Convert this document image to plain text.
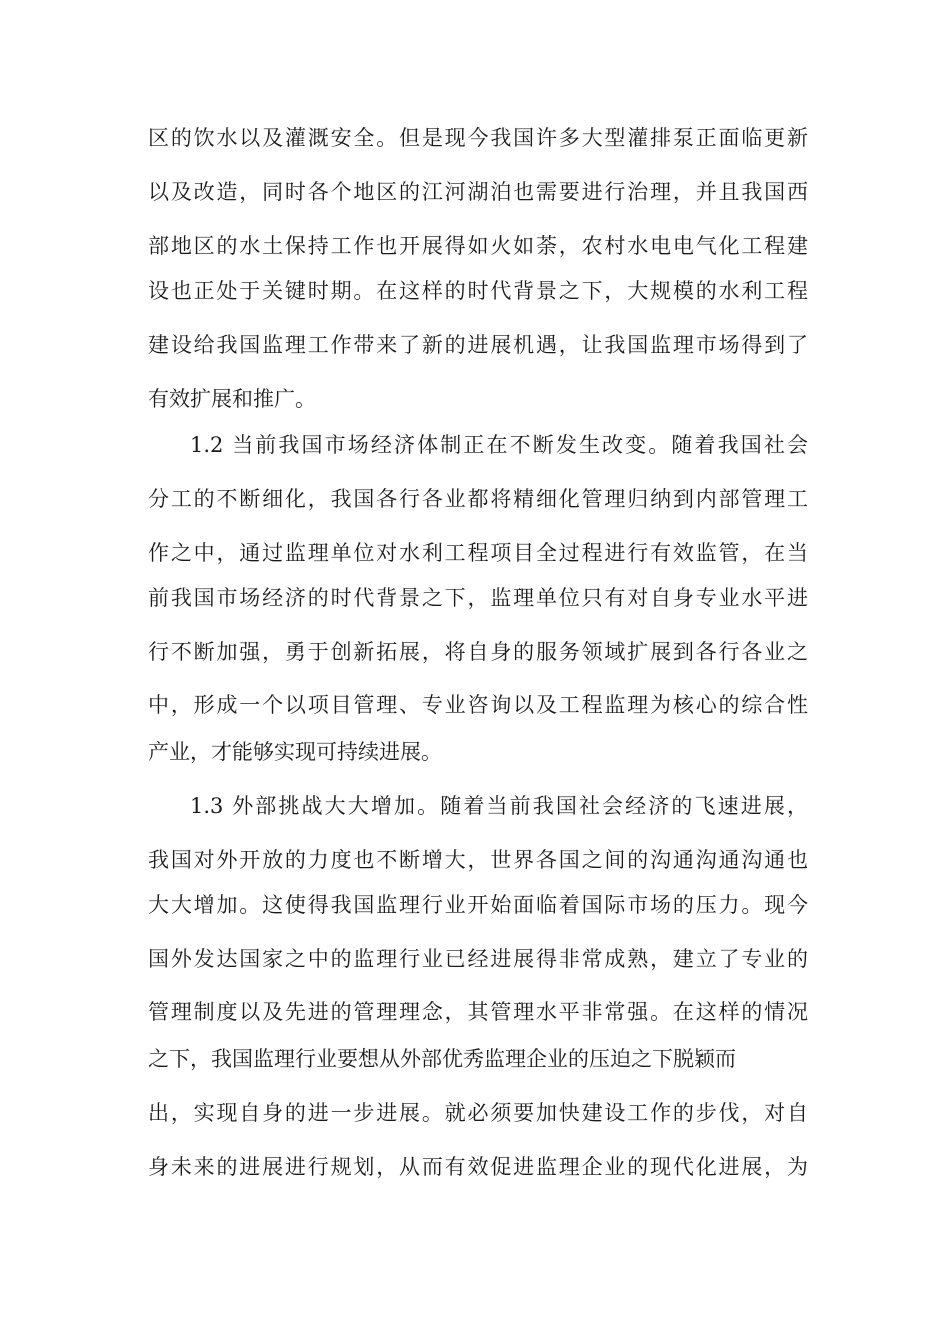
区的饮水以及灌溉安全。但是现今我国许多大型灌排泵正面临更新
以及改造，同时各个地区的江河湖泊也需要进行治理，并且我国西
部地区的水土保持工作也开展得如火如荼，农村水电电气化工程建
设也正处于关键时期。在这样的时代背景之下，大规模的水利工程
建设给我国监理工作带来了新的进展机遇，让我国监理市场得到了
有效扩展和推广。
1.2 当前我国市场经济体制正在不断发生改变。随着我国社会
分工的不断细化，我国各行各业都将精细化管理归纳到内部管理工
作之中，通过监理单位对水利工程项目全过程进行有效监管，在当
前我国市场经济的时代背景之下，监理单位只有对自身专业水平进
行不断加强，勇于创新拓展，将自身的服务领域扩展到各行各业之
中，形成一个以项目管理、专业咨询以及工程监理为核心的综合性
产业，才能够实现可持续进展。
1.3 外部挑战大大增加。随着当前我国社会经济的飞速进展，
我国对外开放的力度也不断增大，世界各国之间的沟通沟通沟通也
大大增加。这使得我国监理行业开始面临着国际市场的压力。现今
国外发达国家之中的监理行业已经进展得非常成熟，建立了专业的
管理制度以及先进的管理理念，其管理水平非常强。在这样的情况
之下，我国监理行业要想从外部优秀监理企业的压迫之下脱颖而
出，实现自身的进一步进展。就必须要加快建设工作的步伐，对自
身未来的进展进行规划，从而有效促进监理企业的现代化进展，为
